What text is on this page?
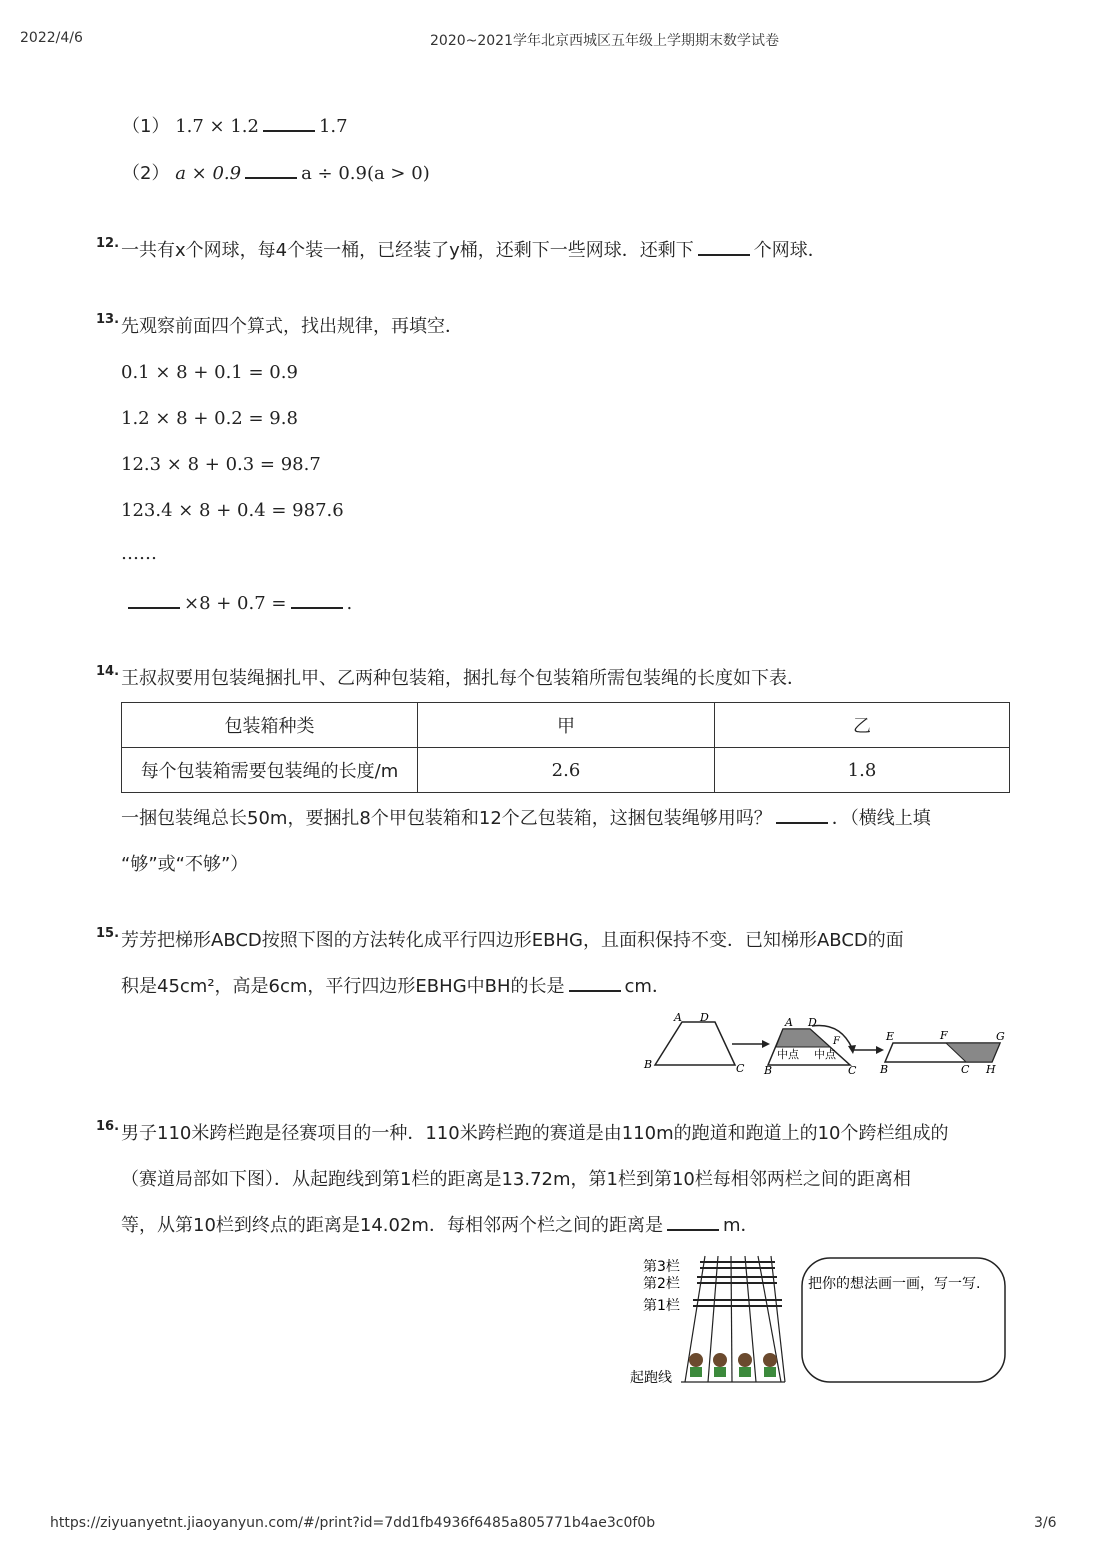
2022/4/6	2020~2021学年北京西城区五年级上学期期末数学试卷
（1） 1.7 × 1.2	1.7
（2） a × 0.9	a ÷ 0.9(a > 0)
12. 一共有x个网球，每4个装一桶，已经装了y桶，还剩下一些网球．还剩下	个网球．
13. 先观察前面四个算式，找出规律，再填空．
0.1 × 8 + 0.1 = 0.9
1.2 × 8 + 0.2 = 9.8
12.3 × 8 + 0.3 = 98.7
123.4 × 8 + 0.4 = 987.6
……
×8 + 0.7 =	.
14. 王叔叔要用包装绳捆扎甲、乙两种包装箱，捆扎每个包装箱所需包装绳的长度如下表．
包装箱种类	甲	乙
每个包装箱需要包装绳的长度/m	2.6	1.8
一捆包装绳总长50m，要捆扎8个甲包装箱和12个乙包装箱，这捆包装绳够用吗？	．（横线上填
“够”或“不够”）
15. 芳芳把梯形ABCD按照下图的方法转化成平行四边形EBHG，且面积保持不变．已知梯形ABCD的面
积是45cm²，高是6cm，平行四边形EBHG中BH的长是	cm．
A D
B	C
A D
F
中点 中点
B	C
E	F	G
B	C H
16. 男子110米跨栏跑是径赛项目的一种．110米跨栏跑的赛道是由110m的跑道和跑道上的10个跨栏组成的
（赛道局部如下图）．从起跑线到第1栏的距离是13.72m，第1栏到第10栏每相邻两栏之间的距离相
等，从第10栏到终点的距离是14.02m．每相邻两个栏之间的距离是	m．
第3栏
第2栏
第1栏
起跑线
把你的想法画一画，写一写.
https://ziyuanyetnt.jiaoyanyun.com/#/print?id=7dd1fb4936f6485a805771b4ae3c0f0b	3/6
